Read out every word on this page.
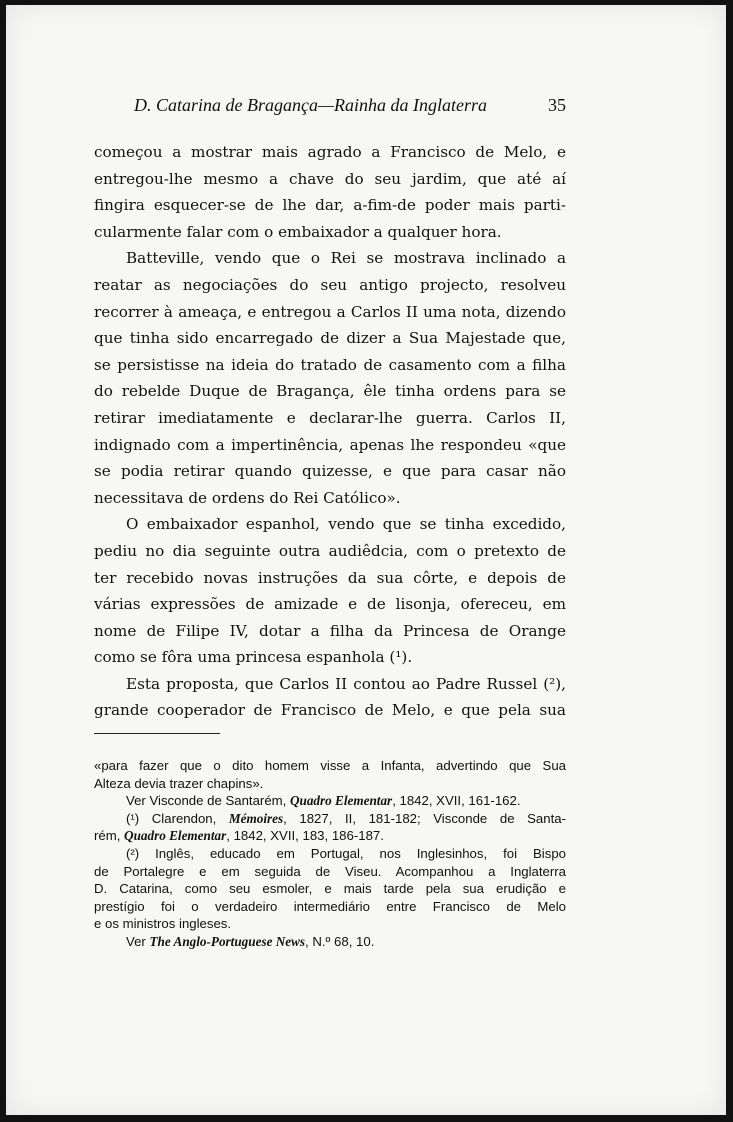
D. Catarina de Bragança—Rainha da Inglaterra	35

começou a mostrar mais agrado a Francisco de Melo, e
entregou-lhe mesmo a chave do seu jardim, que até aí
fingira esquecer-se de lhe dar, a-fim-de poder mais parti-
cularmente falar com o embaixador a qualquer hora.

Batteville, vendo que o Rei se mostrava inclinado a
reatar as negociações do seu antigo projecto, resolveu
recorrer à ameaça, e entregou a Carlos II uma nota, dizendo
que tinha sido encarregado de dizer a Sua Majestade que,
se persistisse na ideia do tratado de casamento com a filha
do rebelde Duque de Bragança, êle tinha ordens para se
retirar imediatamente e declarar-lhe guerra. Carlos II,
indignado com a impertinência, apenas lhe respondeu «que
se podia retirar quando quizesse, e que para casar não
necessitava de ordens do Rei Católico».

O embaixador espanhol, vendo que se tinha excedido,
pediu no dia seguinte outra audiêdcia, com o pretexto de
ter recebido novas instruções da sua côrte, e depois de
várias expressões de amizade e de lisonja, ofereceu, em
nome de Filipe IV, dotar a filha da Princesa de Orange
como se fôra uma princesa espanhola (¹).

Esta proposta, que Carlos II contou ao Padre Russel (²),
grande cooperador de Francisco de Melo, e que pela sua

«para fazer que o dito homem visse a Infanta, advertindo que Sua
Alteza devia trazer chapins».
Ver Visconde de Santarém, Quadro Elementar, 1842, XVII, 161-162.
(¹) Clarendon, Mémoires, 1827, II, 181-182; Visconde de Santa-
rém, Quadro Elementar, 1842, XVII, 183, 186-187.
(²) Inglês, educado em Portugal, nos Inglesinhos, foi Bispo
de Portalegre e em seguida de Viseu. Acompanhou a Inglaterra
D. Catarina, como seu esmoler, e mais tarde pela sua erudição e
prestígio foi o verdadeiro intermediário entre Francisco de Melo
e os ministros ingleses.
Ver The Anglo-Portuguese News, N.º 68, 10.
